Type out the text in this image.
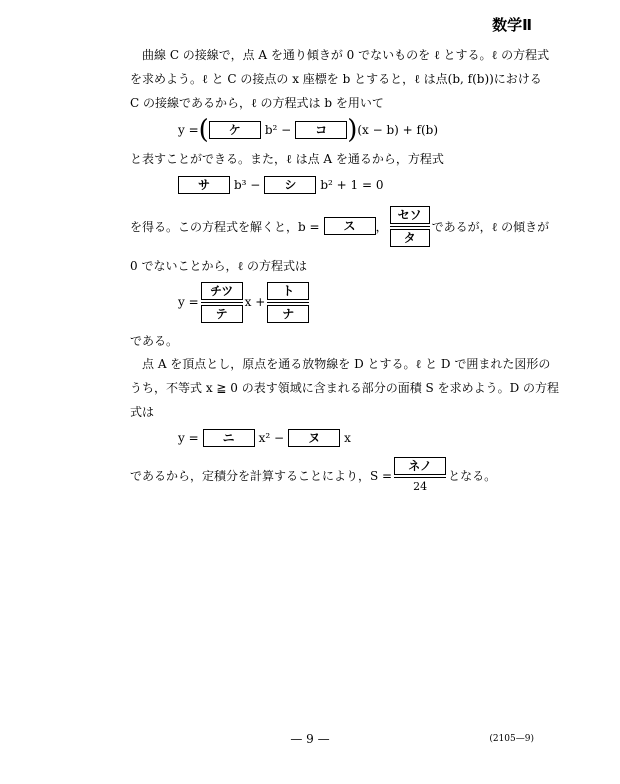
数学Ⅱ
曲線 C の接線で，点 A を通り傾きが 0 でないものを ℓ とする。ℓ の方程式
を求めよう。ℓ と C の接点の x 座標を b とすると，ℓ は点(b, f(b))における
C の接線であるから，ℓ の方程式は b を用いて
y = (	ケ	b² −	コ ) (x − b) + f(b)
と表すことができる。また，ℓ は点 A を通るから，方程式
サ	b³ −	シ	b² + 1 = 0
を得る。この方程式を解くと，b =	ス	， $\frac{\text{セソ}}{\text{タ}}$ であるが，ℓ の傾きが
0 でないことから，ℓ の方程式は
$y = \frac{\text{チツ}}{\text{テ}}$ $x + \frac{\text{ト}}{\text{ナ}}$
である。
点 A を頂点とし，原点を通る放物線を D とする。ℓ と D で囲まれた図形の
うち，不等式 x ≧ 0 の表す領域に含まれる部分の面積 S を求めよう。D の方程
式は
y =	ニ	x² −	ヌ	x
であるから，定積分を計算することにより，$S = \frac{\text{ネノ}}{24}$ となる。
— 9 —	(2105—9)
